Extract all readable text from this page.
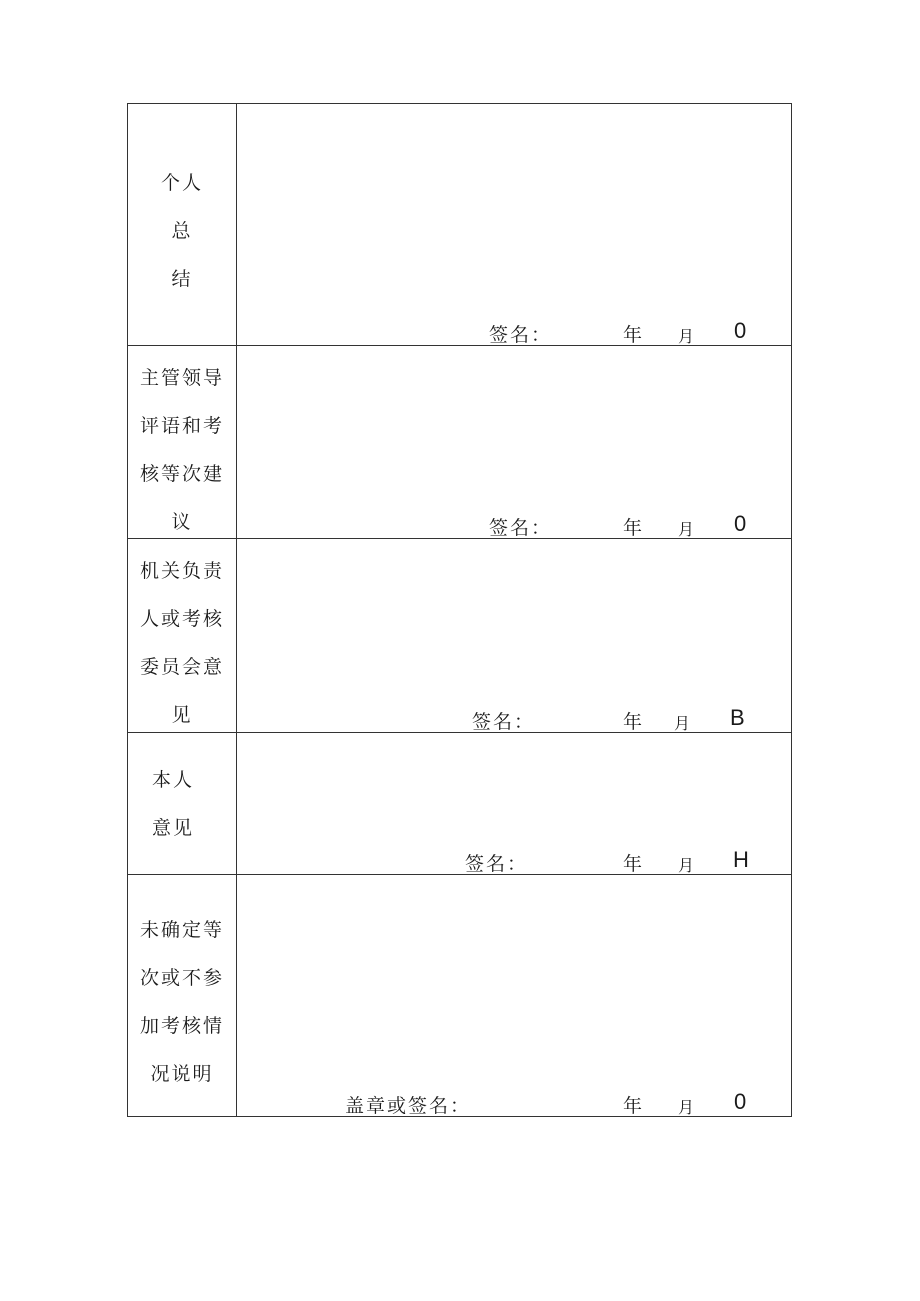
个人
总
结	签名： 年 月 0

主管领导
评语和考
核等次建
议	签名： 年 月 0

机关负责
人或考核
委员会意
见	签名： 年 月 B

本人
意见	签名： 年 月 H

未确定等
次或不参
加考核情
况说明	盖章或签名： 年 月 0
